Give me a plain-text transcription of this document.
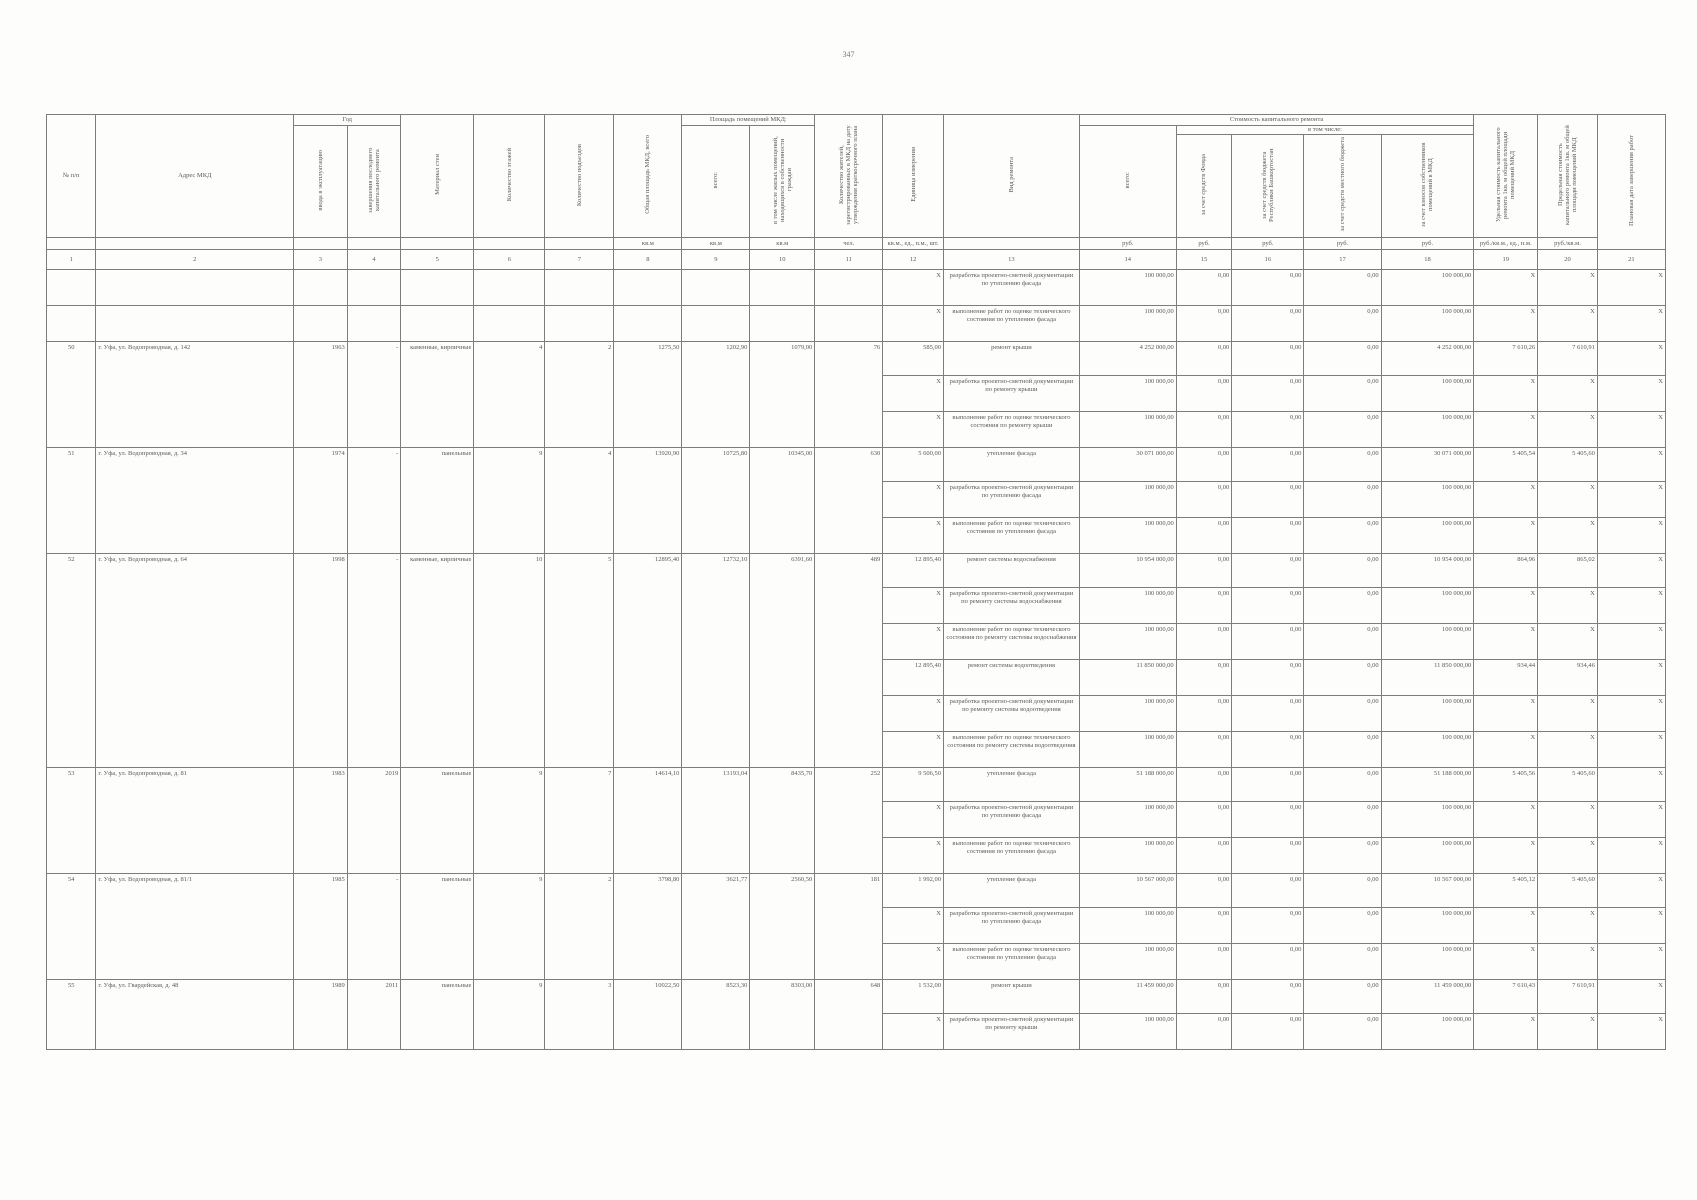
347
№ п/п	Адрес МКД	Год		Материал стен	Количество этажей	Количество подъездов	Общая площадь МКД, всего	Площадь помещений МКД:		Количество жителей, зарегистрированных в МКД на дату утверждения краткосрочного плана	Единица измерения	Вид ремонта	Стоимость капитального ремонта					Удельная стоимость капитального ремонта 1кв. м общей площади помещений МКД	Предельная стоимость капитального ремонта 1кв. м общей площади помещений МКД	Плановая дата завершения работ
		ввода в эксплуатацию	завершения последнего капитального ремонта					всего:	в том числе жилых помещений, находящихся в собственности граждан				всего:	в том числе:						
														за счет средств Фонда	за счет средств бюджета Республики Башкортостан	за счет средств местного бюджета	за счет взносов собственников помещений в МКД			
							кв.м	кв.м	кв.м	чел.	кв.м., ед., п.м., шт.		руб.	руб.	руб.	руб.	руб.	руб./кв.м., ед., п.м.	руб./кв.м.	
1	2	3	4	5	6	7	8	9	10	11	12	13	14	15	16	17	18	19	20	21
											X	разработка проектно-сметной документации по утеплению фасада	100 000,00	0,00	0,00	0,00	100 000,00	X	X	X
											X	выполнение работ по оценке технического состояния по утеплению фасада	100 000,00	0,00	0,00	0,00	100 000,00	X	X	X
50	г. Уфа, ул. Водопроводная, д. 142	1963	-	каменные, кирпичные	4	2	1275,50	1202,90	1079,00	76	585,00	ремонт крыши	4 252 000,00	0,00	0,00	0,00	4 252 000,00	7 610,26	7 610,91	X
											X	разработка проектно-сметной документации по ремонту крыши	100 000,00	0,00	0,00	0,00	100 000,00	X	X	X
											X	выполнение работ по оценке технического состояния по ремонту крыши	100 000,00	0,00	0,00	0,00	100 000,00	X	X	X
51	г. Уфа, ул. Водопроводная, д. 34	1974	-	панельные	9	4	13920,90	10725,80	10345,00	630	5 600,00	утепление фасада	30 071 000,00	0,00	0,00	0,00	30 071 000,00	5 405,54	5 405,60	X
											X	разработка проектно-сметной документации по утеплению фасада	100 000,00	0,00	0,00	0,00	100 000,00	X	X	X
											X	выполнение работ по оценке технического состояния по утеплению фасада	100 000,00	0,00	0,00	0,00	100 000,00	X	X	X
52	г. Уфа, ул. Водопроводная, д. 64	1998	-	каменные, кирпичные	10	5	12895,40	12732,10	6391,60	489	12 895,40	ремонт системы водоснабжения	10 954 000,00	0,00	0,00	0,00	10 954 000,00	864,96	865,02	X
											X	разработка проектно-сметной документации по ремонту системы водоснабжения	100 000,00	0,00	0,00	0,00	100 000,00	X	X	X
											X	выполнение работ по оценке технического состояния по ремонту системы водоснабжения	100 000,00	0,00	0,00	0,00	100 000,00	X	X	X
											12 895,40	ремонт системы водоотведения	11 850 000,00	0,00	0,00	0,00	11 850 000,00	934,44	934,46	X
											X	разработка проектно-сметной документации по ремонту системы водоотведения	100 000,00	0,00	0,00	0,00	100 000,00	X	X	X
											X	выполнение работ по оценке технического состояния по ремонту системы водоотведения	100 000,00	0,00	0,00	0,00	100 000,00	X	X	X
53	г. Уфа, ул. Водопроводная, д. 81	1983	2019	панельные	9	7	14614,10	13193,04	8435,70	252	9 506,50	утепление фасада	51 188 000,00	0,00	0,00	0,00	51 188 000,00	5 405,56	5 405,60	X
											X	разработка проектно-сметной документации по утеплению фасада	100 000,00	0,00	0,00	0,00	100 000,00	X	X	X
											X	выполнение работ по оценке технического состояния по утеплению фасада	100 000,00	0,00	0,00	0,00	100 000,00	X	X	X
54	г. Уфа, ул. Водопроводная, д. 81/1	1985	-	панельные	9	2	3798,80	3621,77	2560,50	181	1 992,00	утепление фасада	10 567 000,00	0,00	0,00	0,00	10 567 000,00	5 405,12	5 405,60	X
											X	разработка проектно-сметной документации по утеплению фасада	100 000,00	0,00	0,00	0,00	100 000,00	X	X	X
											X	выполнение работ по оценке технического состояния по утеплению фасада	100 000,00	0,00	0,00	0,00	100 000,00	X	X	X
55	г. Уфа, ул. Гвардейская, д. 48	1989	2011	панельные	9	3	10022,50	8523,30	8303,00	648	1 532,00	ремонт крыши	11 459 000,00	0,00	0,00	0,00	11 459 000,00	7 610,43	7 610,91	X
											X	разработка проектно-сметной документации по ремонту крыши	100 000,00	0,00	0,00	0,00	100 000,00	X	X	X
